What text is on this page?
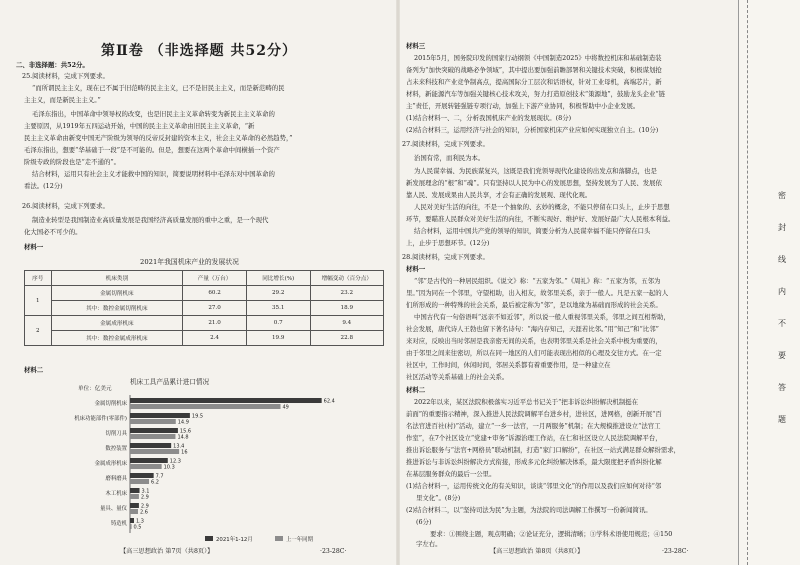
第Ⅱ卷 （非选择题 共52分）
二、非选择题：共52分。
25.阅读材料，完成下列要求。
“而所谓民主主义，现在已不属于旧范畴的民主主义，已不是旧民主主义，而是新范畴的民
主主义，而是新民主主义。”
毛泽东指出，中国革命中领导权的改变，也是旧民主主义革命转变为新民主主义革命的
主要原因，从1919年五四运动开始，中国的民主主义革命由旧民主主义革命，“新
民主主义革命由新变中国无产阶级为领导的反帝反封建的资本主义，社会主义革命的必然趋势，”
毛泽东指出，想要“华基础于一段”是不可能的。但是，想要在这两个革命中间横插一个资产
阶级专政的阶段也是“走不通的”。
结合材料，运用只有社会主义才能救中国的知识，简要说明材料中毛泽东对中国革命的
看法。(12分)
26.阅读材料，完成下列要求。
制造业转型是我国制造业高质量发展是我国经济高质量发展的重中之重，是一个现代
化大国必不可少的。
材料一
2021年我国机床产业的发展状况
序号	机床类别	产量（万台）	同比增长(%)	增幅变动（百分点）
1	金属切削机床	60.2	29.2	23.2
	其中：数控金属切削机床	27.0	35.1	18.9
2	金属成形机床	21.0	0.7	9.4
	其中：数控金属成形机床	2.4	19.9	22.8
材料二
机床工具产品累计进口情况
单位：亿美元
金属切削机床	62.4
49
机床功能部件(零部件)	19.5
14.9
切削刀具	15.6
14.8
数控装置	13.4
16
金属成形机床	12.3
10.3
磨料磨具	7.7
6.2
木工机床	3.1
2.9
量具、量仪	2.9
2.6
铸造机 1.3
0.5
2021年1-12月	上一年同期
【高三思想政治 第7页（共8页）】	·23-28C·
材料三
2015年5月，国务院印发的国家行动纲领《中国制造2025》中将数控机床和基础制造装
备列为“加快突破的战略必争领域”，其中提出要加强前瞻部署和关键技术突破，积极谋划抢
占未来科技和产业竞争制高点，提高国际分工层次和话语权，针对工业母机，高端芯片，新
材料，新能源汽车等加强关键核心技术攻关，努力打造原创技术“策源地”，鼓励龙头企业“链
主”责任，开展转链强链专项行动，加强上下游产业协同，积极帮助中小企业发展。
(1)结合材料一、二，分析我国机床产业的发展现状。(8分)
(2)结合材料三，运用经济与社会的知识，分析国家机床产业应如何实现独立自主。(10分)
27.阅读材料，完成下列要求。
治国有常，而利民为本。
为人民谋幸福、为民族谋复兴，这既是我们党领导现代化建设的出发点和落脚点，也是
新发展理念的“根”和“魂”。只有坚持以人民为中心的发展思想，坚持发展为了人民、发展依
靠人民、发展成果由人民共享，才会有正确的发展观、现代化观。
人民对美好生活的向往，不是一个抽象的、玄妙的概念，不能只停留在口头上，止步于思想
环节，要瞄准人民群众对美好生活的向往，不断实现好、维护好、发展好最广大人民根本利益。
结合材料，运用中国共产党的领导的知识，简要分析为人民谋幸福不能只停留在口头
上，止步于思想环节。(12分)
28.阅读材料，完成下列要求。
材料一
“邻”是古代的一种居民组织。《说文》称：“五家为邻。”《周礼》称：“五家为邻，五邻为
里。”因为同在一个邻里，守望相助，出入相友，故邻里关系，亲于一般人。凡是五家一起的人
们所形成的一种特殊的社会关系，最后被定称为“邻”，是以地缘为基础而形成的社会关系。
中国古代有一句俗语叫“远亲不如近邻”，所以说一般人重视邻里关系，邻里之间互相帮助，
社会发展，唐代诗人王勃也留下著名诗句：“海内存知己，天涯若比邻。”用“知己”和“比邻”
来对应，反映出当时邻居是我亲密无间的关系，也表明邻里关系是社会关系中极为重要的，
由于邻里之间来往密切，所以在同一地区的人们可能表现出相似的心理及交往方式。在一定
社区中，工作时间，休闲时间，邻居关系都有着重要作用，是一种建立在
社区活动等关系基础上的社会关系。
材料二
2022年以来，某区法院积极落实习近平总书记关于“把非诉讼纠纷解决机制挺在
前面”的重要指示精神，深入推进人民法院调解平台进乡村，进社区，进网格，创新开展“百
名法官进百社(村)”活动，建立“一乡一法官，一月两服务”机制；在大规模推进设立“法官工
作室”，在7个社区设立“党建+审务”诉源治理工作站，在仁和社区设立人民法院调解平台，
推出诉讼服务与“法官+网格员”联动机制，打造“家门口解纷”，在社区一站式满足群众解纷需求，
推进诉讼与非诉讼纠纷解决方式衔接，形成多元化纠纷解决体系，最大限度把矛盾纠纷化解
在基层服务群众的最后一公里。
(1)结合材料一，运用传统文化的有关知识，谈谈“邻里文化”的作用以及我们应如何对待“邻
里文化”。(8分)
(2)结合材料二，以“坚持司法为民”为主题，为法院的司法调解工作撰写一份新闻简讯。
(6分)
要求：①围绕主题，观点明确；②论证充分，逻辑清晰；③学科术语使用规范；④150
字左右。
【高三思想政治 第8页（共8页）】	·23-28C·
密
封
线
内
不
要
答
题
